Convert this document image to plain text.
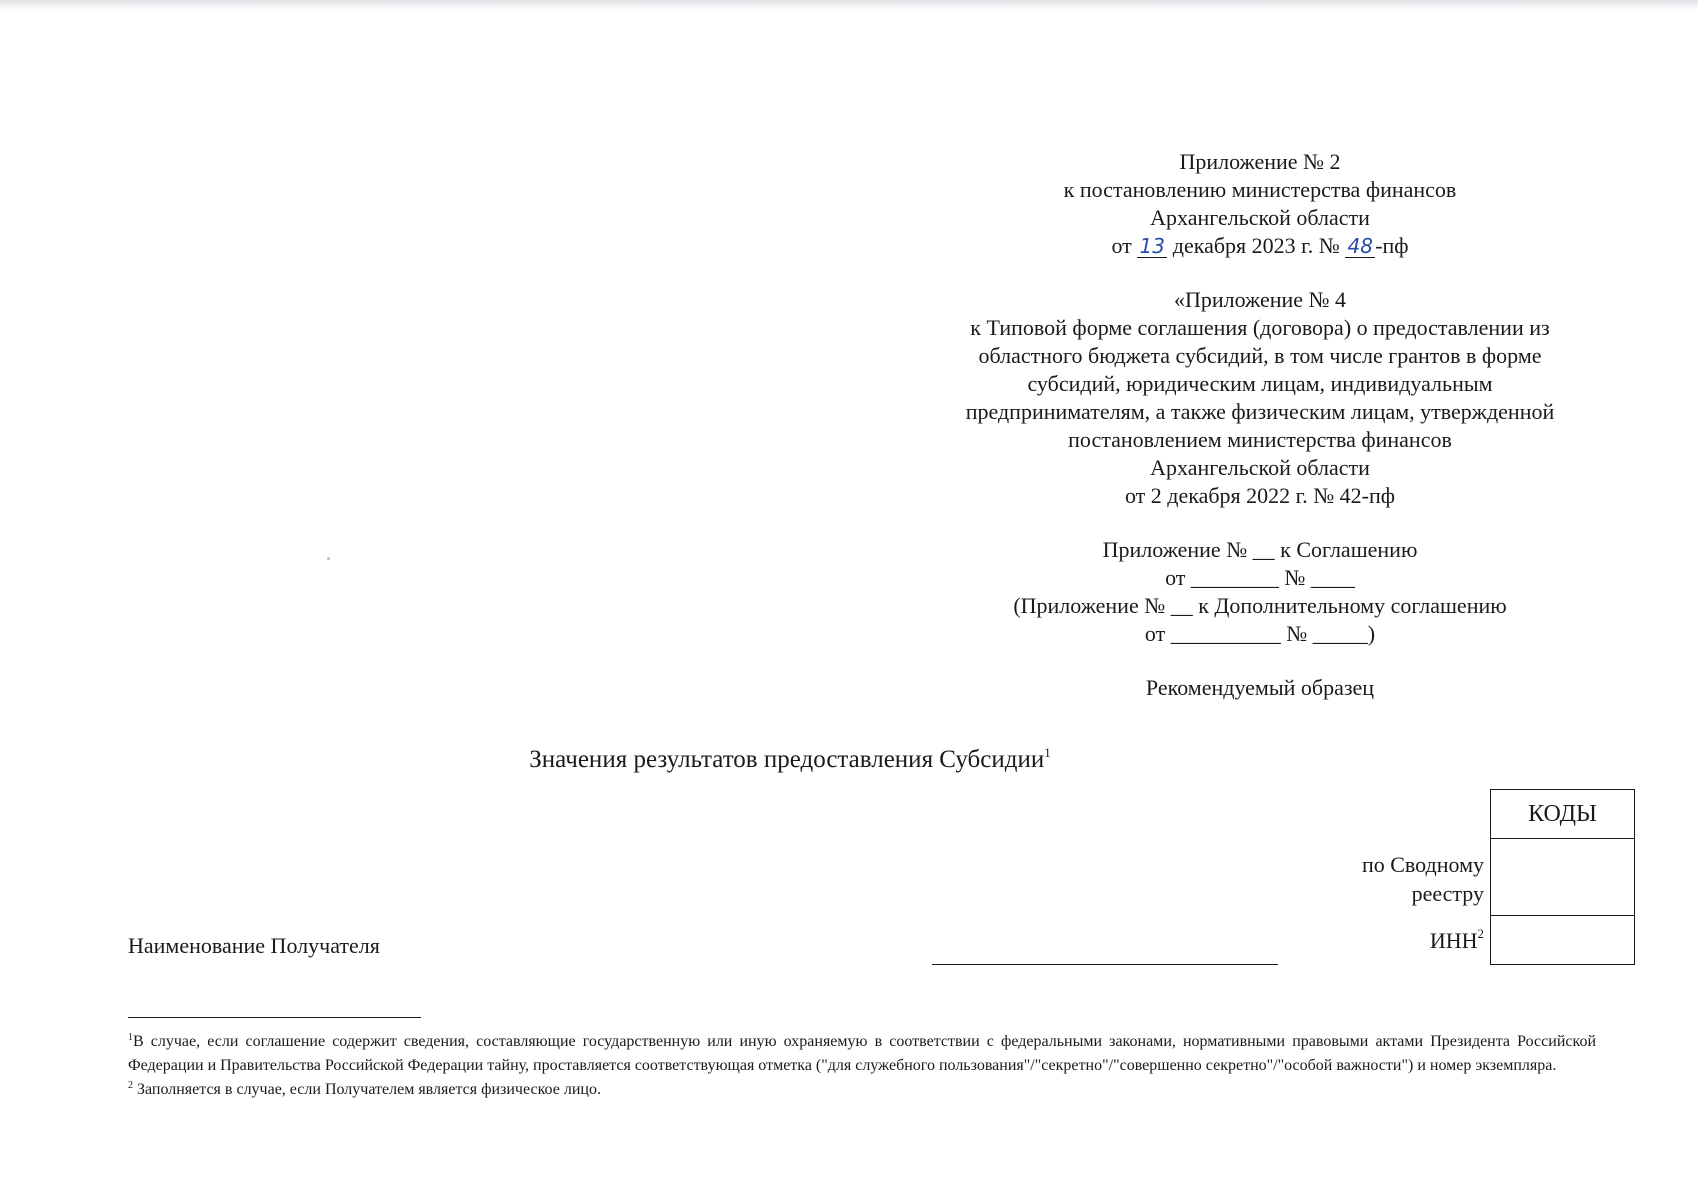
Приложение № 2
к постановлению министерства финансов
Архангельской области
от 13 декабря 2023 г. № 48 -пф
«Приложение № 4
к Типовой форме соглашения (договора) о предоставлении из
областного бюджета субсидий, в том числе грантов в форме
субсидий, юридическим лицам, индивидуальным
предпринимателям, а также физическим лицам, утвержденной
постановлением министерства финансов
Архангельской области
от 2 декабря 2022 г. № 42-пф
Приложение № __ к Соглашению
от ________ № ____
(Приложение № __ к Дополнительному соглашению
от __________ № _____)
Рекомендуемый образец
Значения результатов предоставления Субсидии$^1$
КОДЫ

по Сводному
реестру
ИНН$^2$
Наименование Получателя

$^1$В случае, если соглашение содержит сведения, составляющие государственную или иную охраняемую в соответствии с федеральными законами, нормативными правовыми актами Президента Российской Федерации и Правительства Российской Федерации тайну, проставляется соответствующая отметка ("для служебного пользования"/"секретно"/"совершенно секретно"/"особой важности") и номер экземпляра.

$^2$ Заполняется в случае, если Получателем является физическое лицо.
